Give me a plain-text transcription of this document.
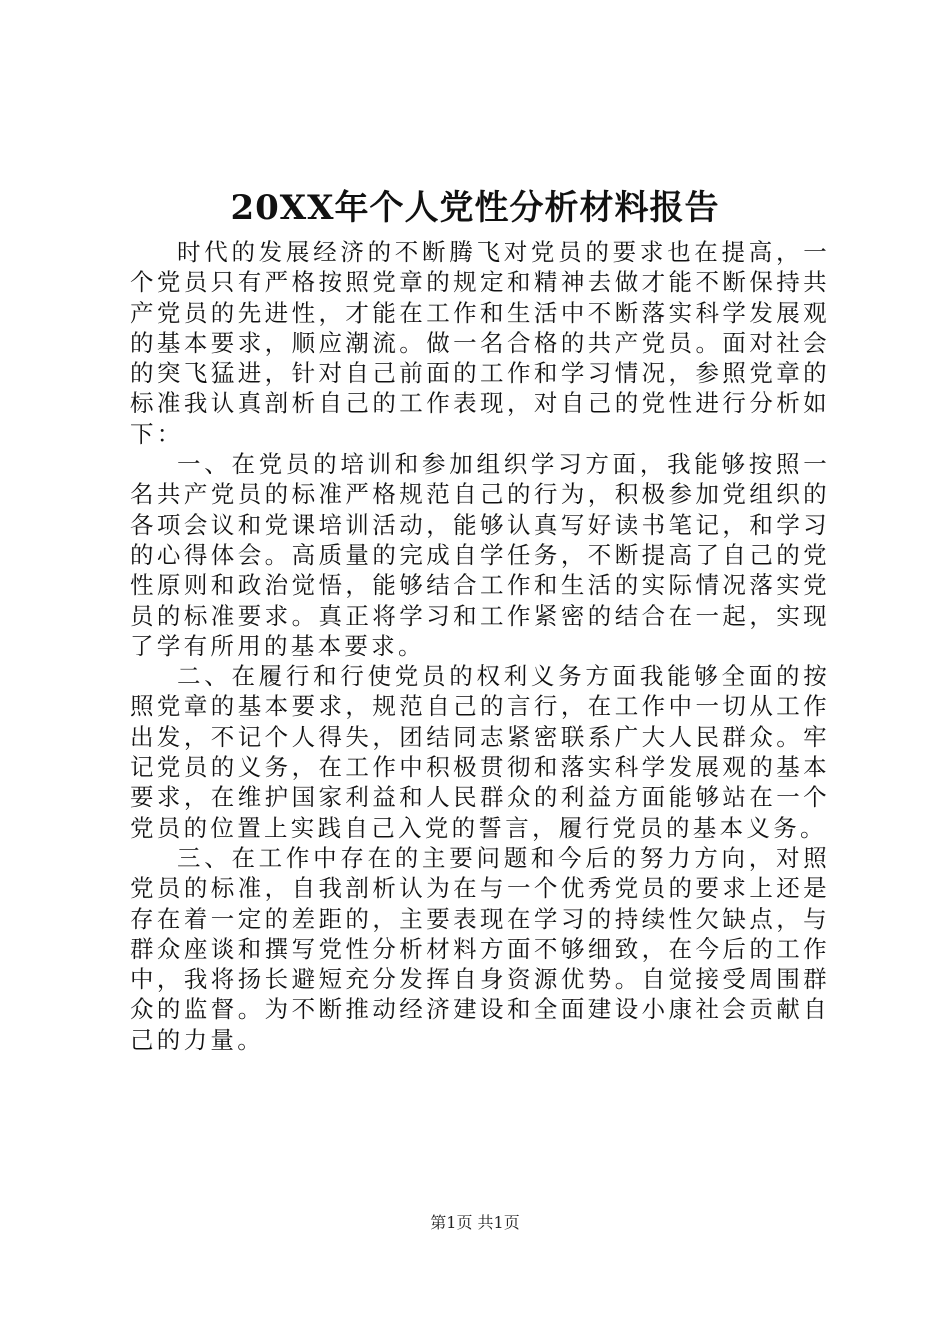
20XX年个人党性分析材料报告

时代的发展经济的不断腾飞对党员的要求也在提高，一个党员只有严格按照党章的规定和精神去做才能不断保持共产党员的先进性，才能在工作和生活中不断落实科学发展观的基本要求，顺应潮流。做一名合格的共产党员。面对社会的突飞猛进，针对自己前面的工作和学习情况，参照党章的标准我认真剖析自己的工作表现，对自己的党性进行分析如下：

一、在党员的培训和参加组织学习方面，我能够按照一名共产党员的标准严格规范自己的行为，积极参加党组织的各项会议和党课培训活动，能够认真写好读书笔记，和学习的心得体会。高质量的完成自学任务，不断提高了自己的党性原则和政治觉悟，能够结合工作和生活的实际情况落实党员的标准要求。真正将学习和工作紧密的结合在一起，实现了学有所用的基本要求。

二、在履行和行使党员的权利义务方面我能够全面的按照党章的基本要求，规范自己的言行，在工作中一切从工作出发，不记个人得失，团结同志紧密联系广大人民群众。牢记党员的义务，在工作中积极贯彻和落实科学发展观的基本要求，在维护国家利益和人民群众的利益方面能够站在一个党员的位置上实践自己入党的誓言，履行党员的基本义务。

三、在工作中存在的主要问题和今后的努力方向，对照党员的标准，自我剖析认为在与一个优秀党员的要求上还是存在着一定的差距的，主要表现在学习的持续性欠缺点，与群众座谈和撰写党性分析材料方面不够细致，在今后的工作中，我将扬长避短充分发挥自身资源优势。自觉接受周围群众的监督。为不断推动经济建设和全面建设小康社会贡献自己的力量。

第1页 共1页
